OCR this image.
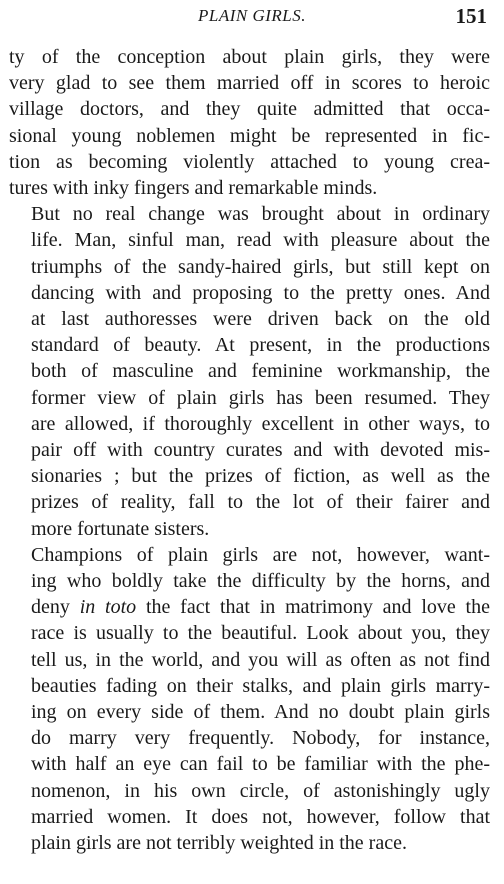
PLAIN GIRLS.	151
ty of the conception about plain girls, they were
very glad to see them married off in scores to heroic
village doctors, and they quite admitted that occa-
sional young noblemen might be represented in fic-
tion as becoming violently attached to young crea-
tures with inky fingers and remarkable minds.
But no real change was brought about in ordinary
life. Man, sinful man, read with pleasure about the
triumphs of the sandy-haired girls, but still kept on
dancing with and proposing to the pretty ones. And
at last authoresses were driven back on the old
standard of beauty. At present, in the productions
both of masculine and feminine workmanship, the
former view of plain girls has been resumed. They
are allowed, if thoroughly excellent in other ways, to
pair off with country curates and with devoted mis-
sionaries ; but the prizes of fiction, as well as the
prizes of reality, fall to the lot of their fairer and
more fortunate sisters.
Champions of plain girls are not, however, want-
ing who boldly take the difficulty by the horns, and
deny in toto the fact that in matrimony and love the
race is usually to the beautiful. Look about you, they
tell us, in the world, and you will as often as not find
beauties fading on their stalks, and plain girls marry-
ing on every side of them. And no doubt plain girls
do marry very frequently. Nobody, for instance,
with half an eye can fail to be familiar with the phe-
nomenon, in his own circle, of astonishingly ugly
married women. It does not, however, follow that
plain girls are not terribly weighted in the race.
